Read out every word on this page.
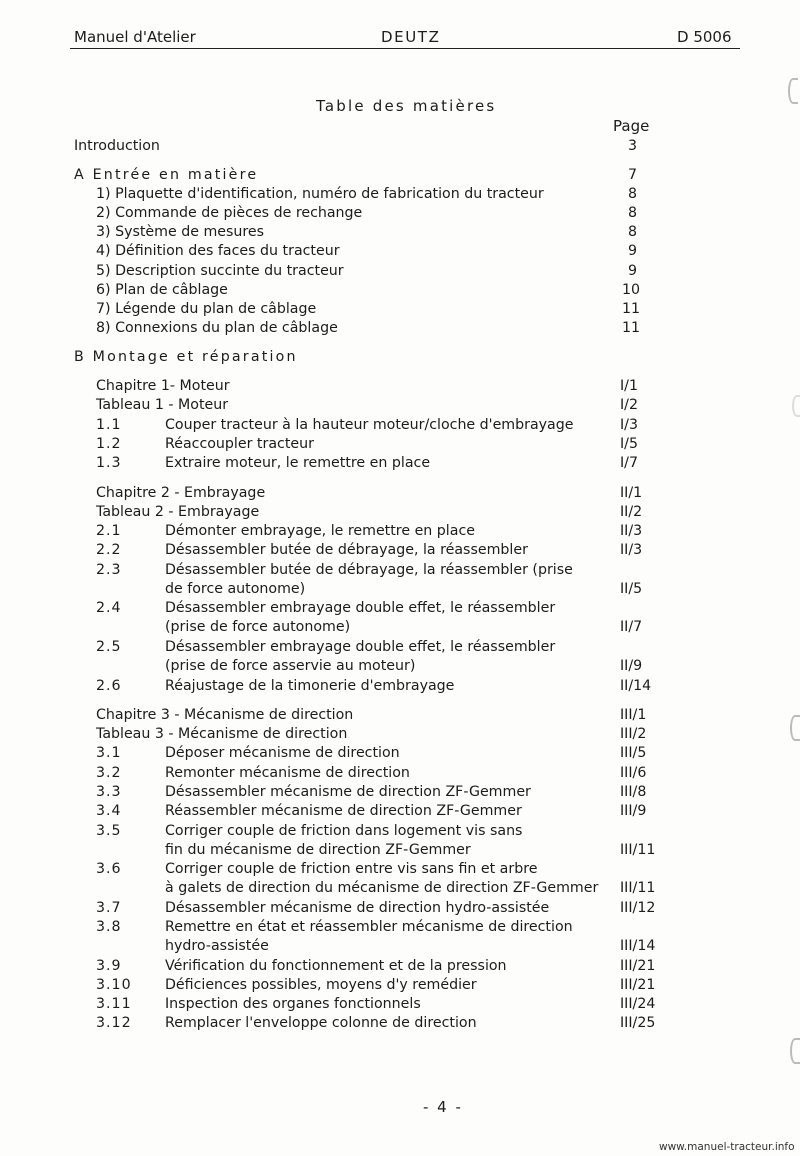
Manuel d'Atelier	DEUTZ	D 5006
Table des matières
Page
Introduction	3
A Entrée en matière	7
1) Plaquette d'identification, numéro de fabrication du tracteur	8
2) Commande de pièces de rechange	8
3) Système de mesures	8
4) Définition des faces du tracteur	9
5) Description succinte du tracteur	9
6) Plan de câblage	10
7) Légende du plan de câblage	11
8) Connexions du plan de câblage	11
B Montage et réparation
Chapitre 1- Moteur	I/1
Tableau 1 - Moteur	I/2
1.1	Couper tracteur à la hauteur moteur/cloche d'embrayage	I/3
1.2	Réaccoupler tracteur	I/5
1.3	Extraire moteur, le remettre en place	I/7
Chapitre 2 - Embrayage	II/1
Tableau 2 - Embrayage	II/2
2.1	Démonter embrayage, le remettre en place	II/3
2.2	Désassembler butée de débrayage, la réassembler	II/3
2.3	Désassembler butée de débrayage, la réassembler (prise
de force autonome)	II/5
2.4	Désassembler embrayage double effet, le réassembler
(prise de force autonome)	II/7
2.5	Désassembler embrayage double effet, le réassembler
(prise de force asservie au moteur)	II/9
2.6	Réajustage de la timonerie d'embrayage	II/14
Chapitre 3 - Mécanisme de direction	III/1
Tableau 3 - Mécanisme de direction	III/2
3.1	Déposer mécanisme de direction	III/5
3.2	Remonter mécanisme de direction	III/6
3.3	Désassembler mécanisme de direction ZF-Gemmer	III/8
3.4	Réassembler mécanisme de direction ZF-Gemmer	III/9
3.5	Corriger couple de friction dans logement vis sans
fin du mécanisme de direction ZF-Gemmer	III/11
3.6	Corriger couple de friction entre vis sans fin et arbre
à galets de direction du mécanisme de direction ZF-Gemmer III/11
3.7	Désassembler mécanisme de direction hydro-assistée	III/12
3.8	Remettre en état et réassembler mécanisme de direction
hydro-assistée	III/14
3.9	Vérification du fonctionnement et de la pression	III/21
3.10 Déficiences possibles, moyens d'y remédier	III/21
3.11 Inspection des organes fonctionnels	III/24
3.12 Remplacer l'enveloppe colonne de direction	III/25
- 4 -
www.manuel-tracteur.info
